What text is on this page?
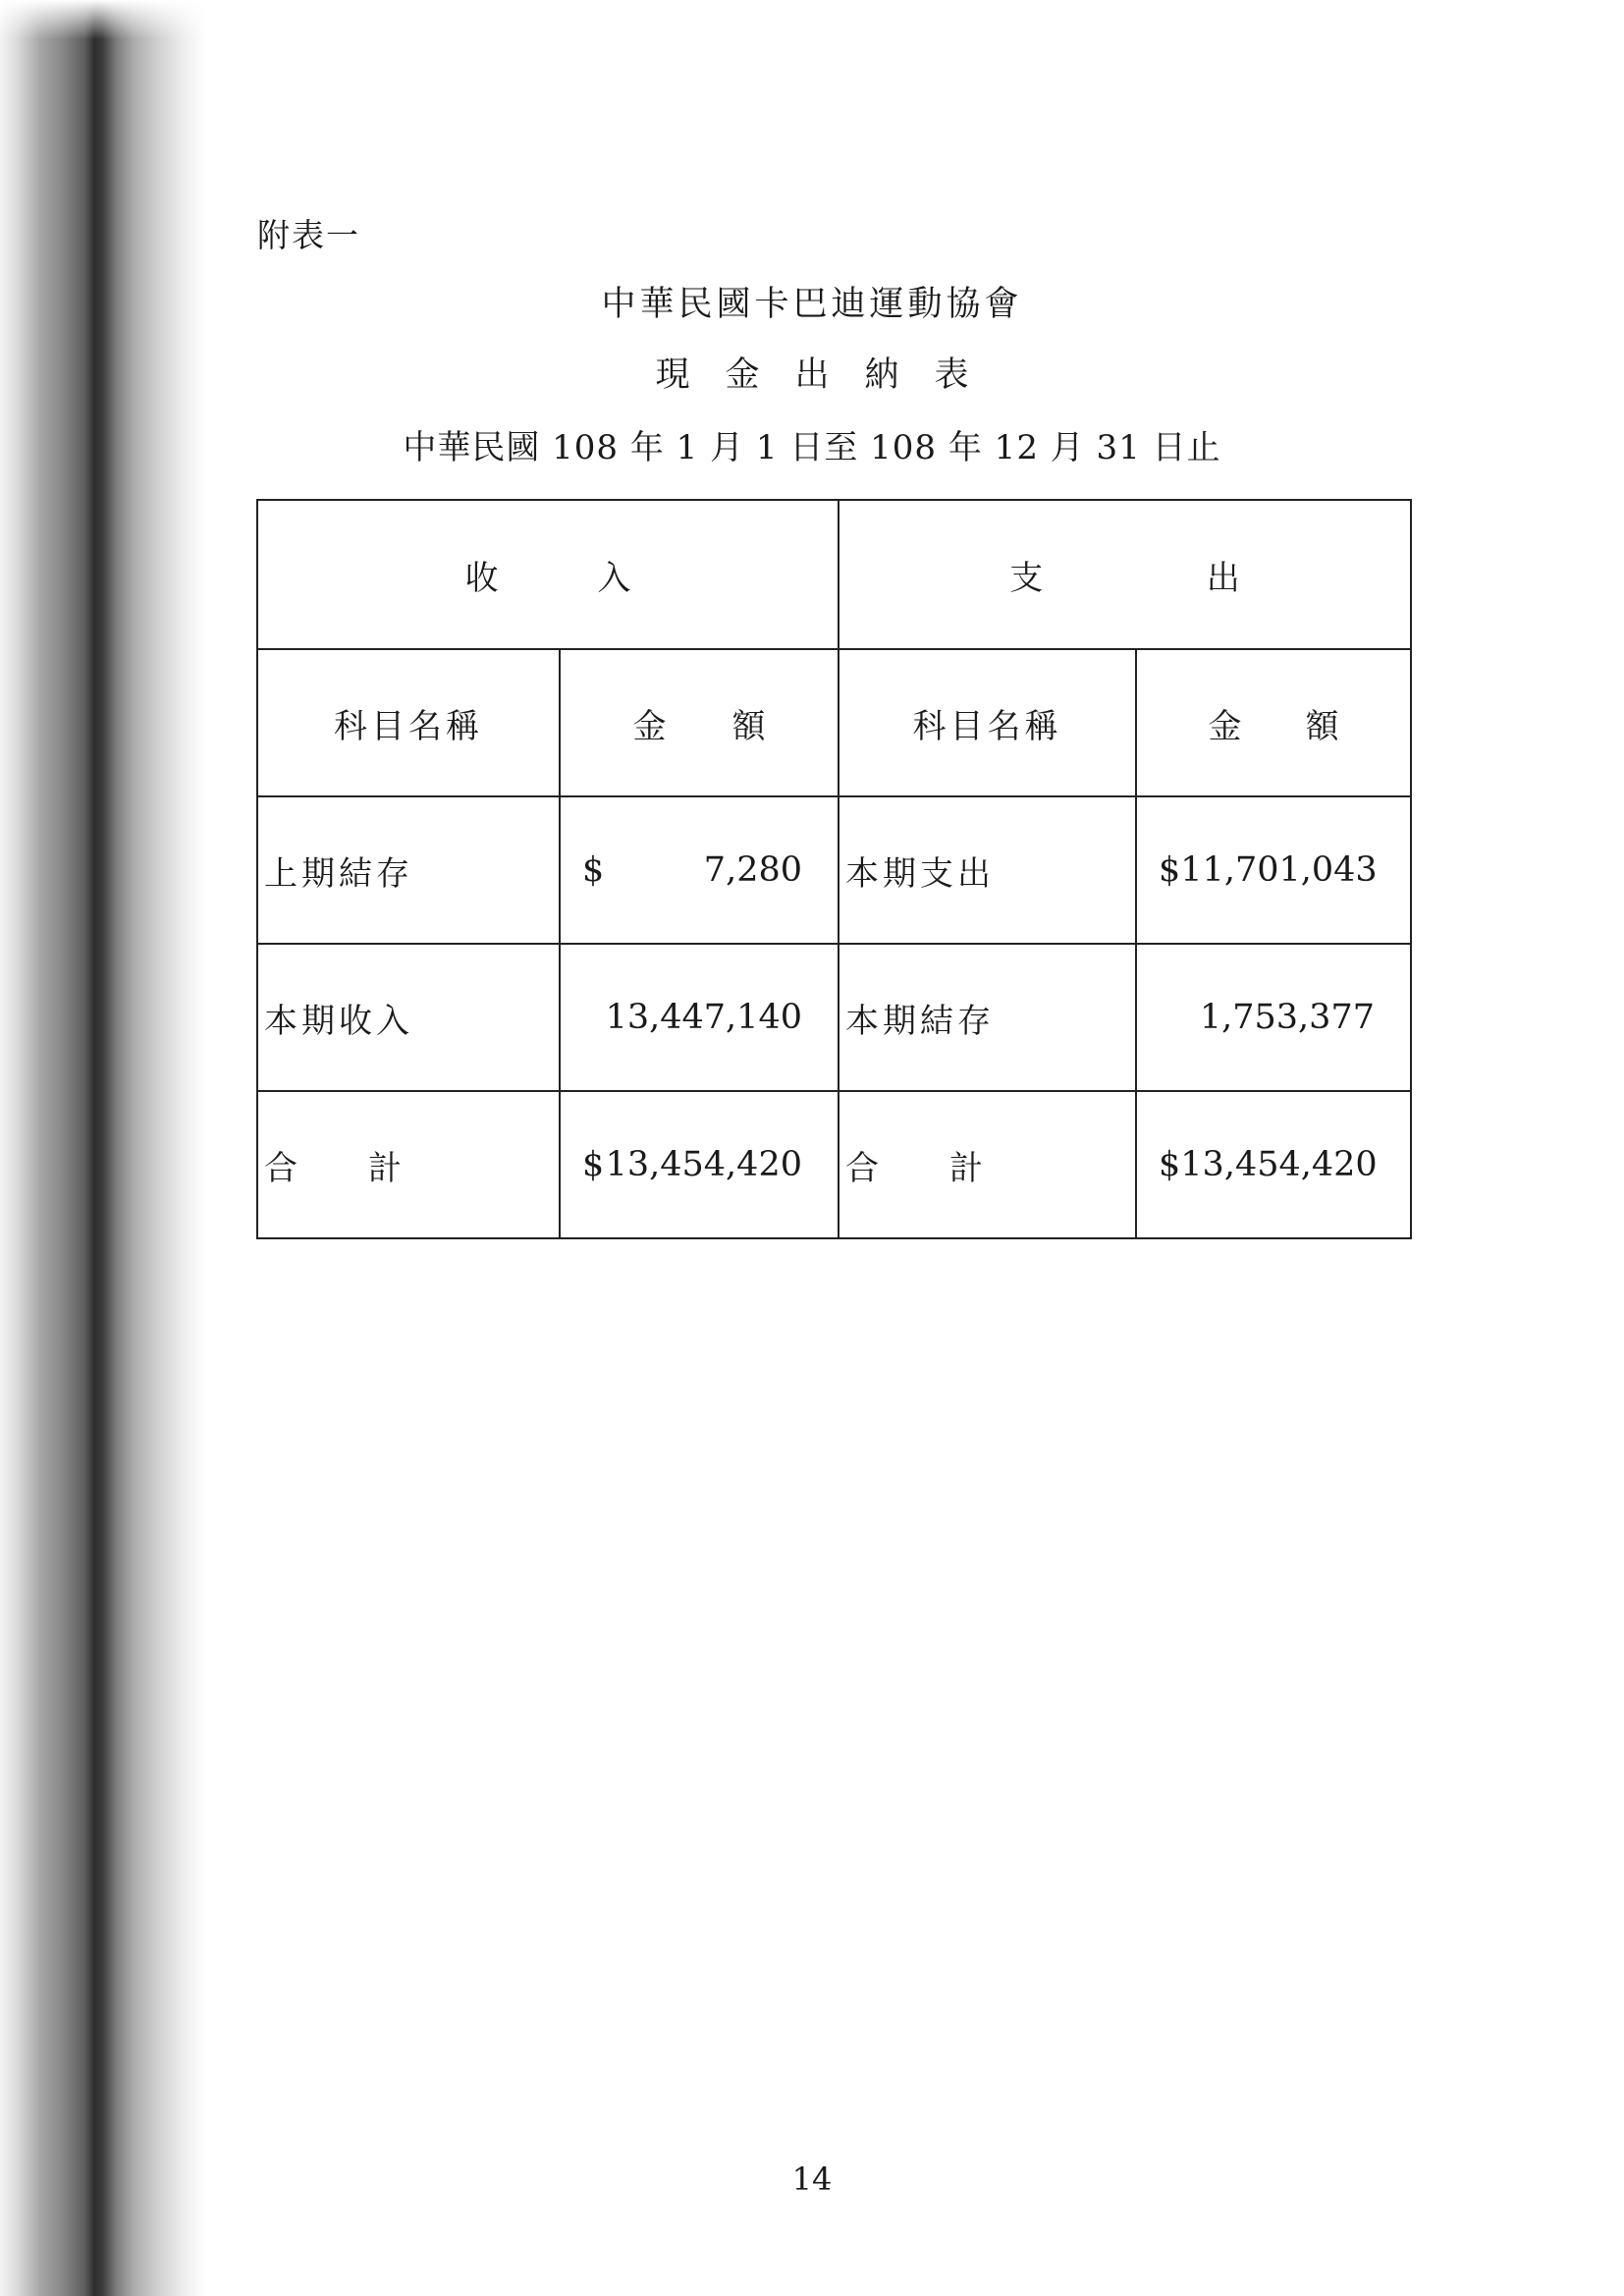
附表一
中華民國卡巴迪運動協會
現金出納表
中華民國 108 年 1 月 1 日至 108 年 12 月 31 日止
收 入		支 出	

科目名稱	金 額	科目名稱	金 額

上期結存	$ 7,280	本期支出	$ 11,701,043

本期收入	13,447,140	本期結存	1,753,377

合 計	$ 13,454,420	合 計	$ 13,454,420
14
